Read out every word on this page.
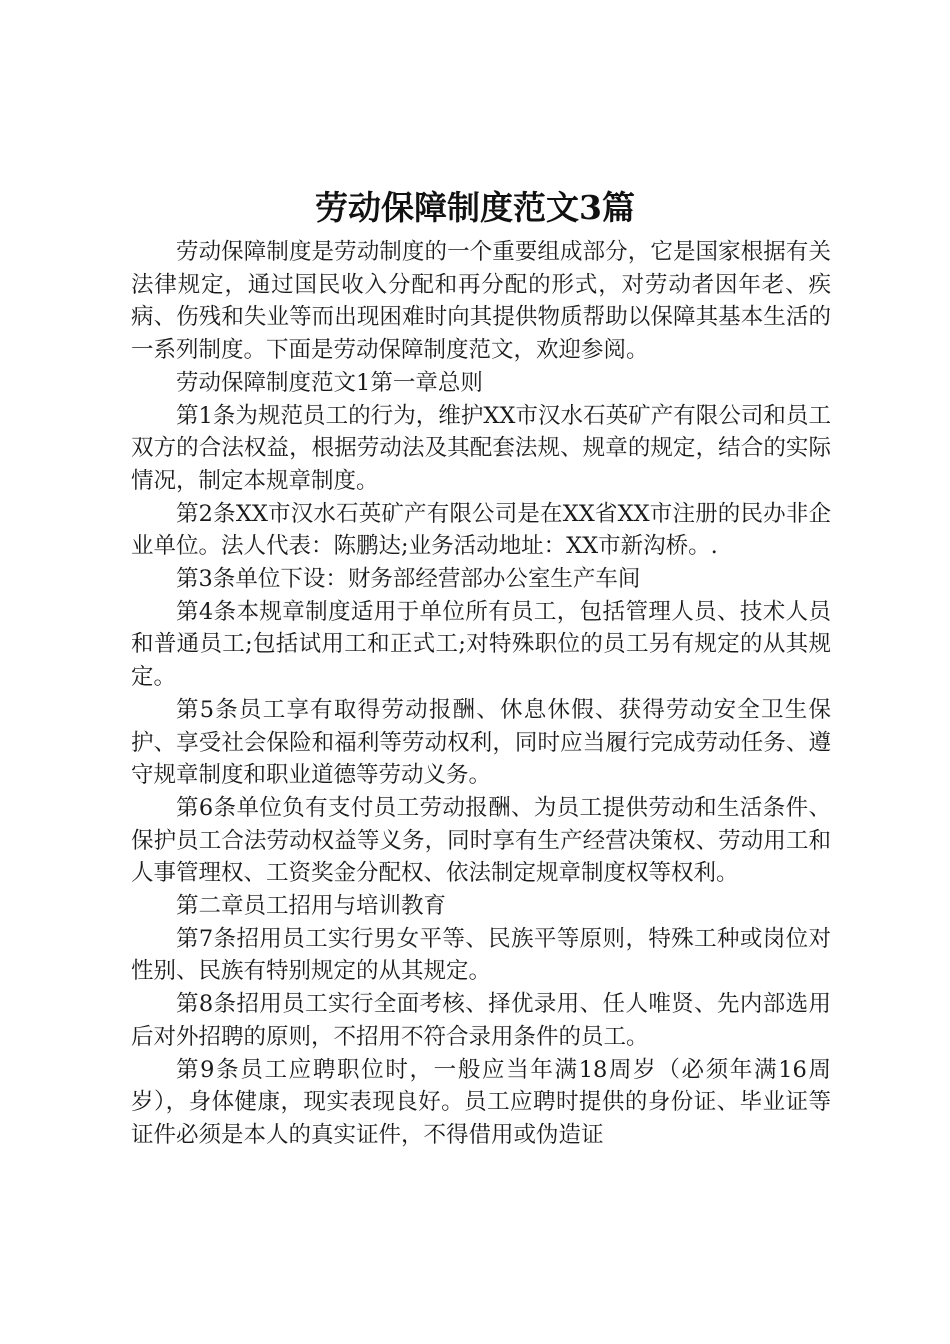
劳动保障制度范文3篇

劳动保障制度是劳动制度的一个重要组成部分，它是国家根据有关法律规定，通过国民收入分配和再分配的形式，对劳动者因年老、疾病、伤残和失业等而出现困难时向其提供物质帮助以保障其基本生活的一系列制度。下面是劳动保障制度范文，欢迎参阅。

劳动保障制度范文1第一章总则

第1条为规范员工的行为，维护XX市汉水石英矿产有限公司和员工双方的合法权益，根据劳动法及其配套法规、规章的规定，结合的实际情况，制定本规章制度。

第2条XX市汉水石英矿产有限公司是在XX省XX市注册的民办非企业单位。法人代表：陈鹏达;业务活动地址：XX市新沟桥。.

第3条单位下设：财务部经营部办公室生产车间

第4条本规章制度适用于单位所有员工，包括管理人员、技术人员和普通员工;包括试用工和正式工;对特殊职位的员工另有规定的从其规定。

第5条员工享有取得劳动报酬、休息休假、获得劳动安全卫生保护、享受社会保险和福利等劳动权利，同时应当履行完成劳动任务、遵守规章制度和职业道德等劳动义务。

第6条单位负有支付员工劳动报酬、为员工提供劳动和生活条件、保护员工合法劳动权益等义务，同时享有生产经营决策权、劳动用工和人事管理权、工资奖金分配权、依法制定规章制度权等权利。

第二章员工招用与培训教育

第7条招用员工实行男女平等、民族平等原则，特殊工种或岗位对性别、民族有特别规定的从其规定。

第8条招用员工实行全面考核、择优录用、任人唯贤、先内部选用后对外招聘的原则，不招用不符合录用条件的员工。

第9条员工应聘职位时，一般应当年满18周岁（必须年满16周岁），身体健康，现实表现良好。员工应聘时提供的身份证、毕业证等证件必须是本人的真实证件，不得借用或伪造证
